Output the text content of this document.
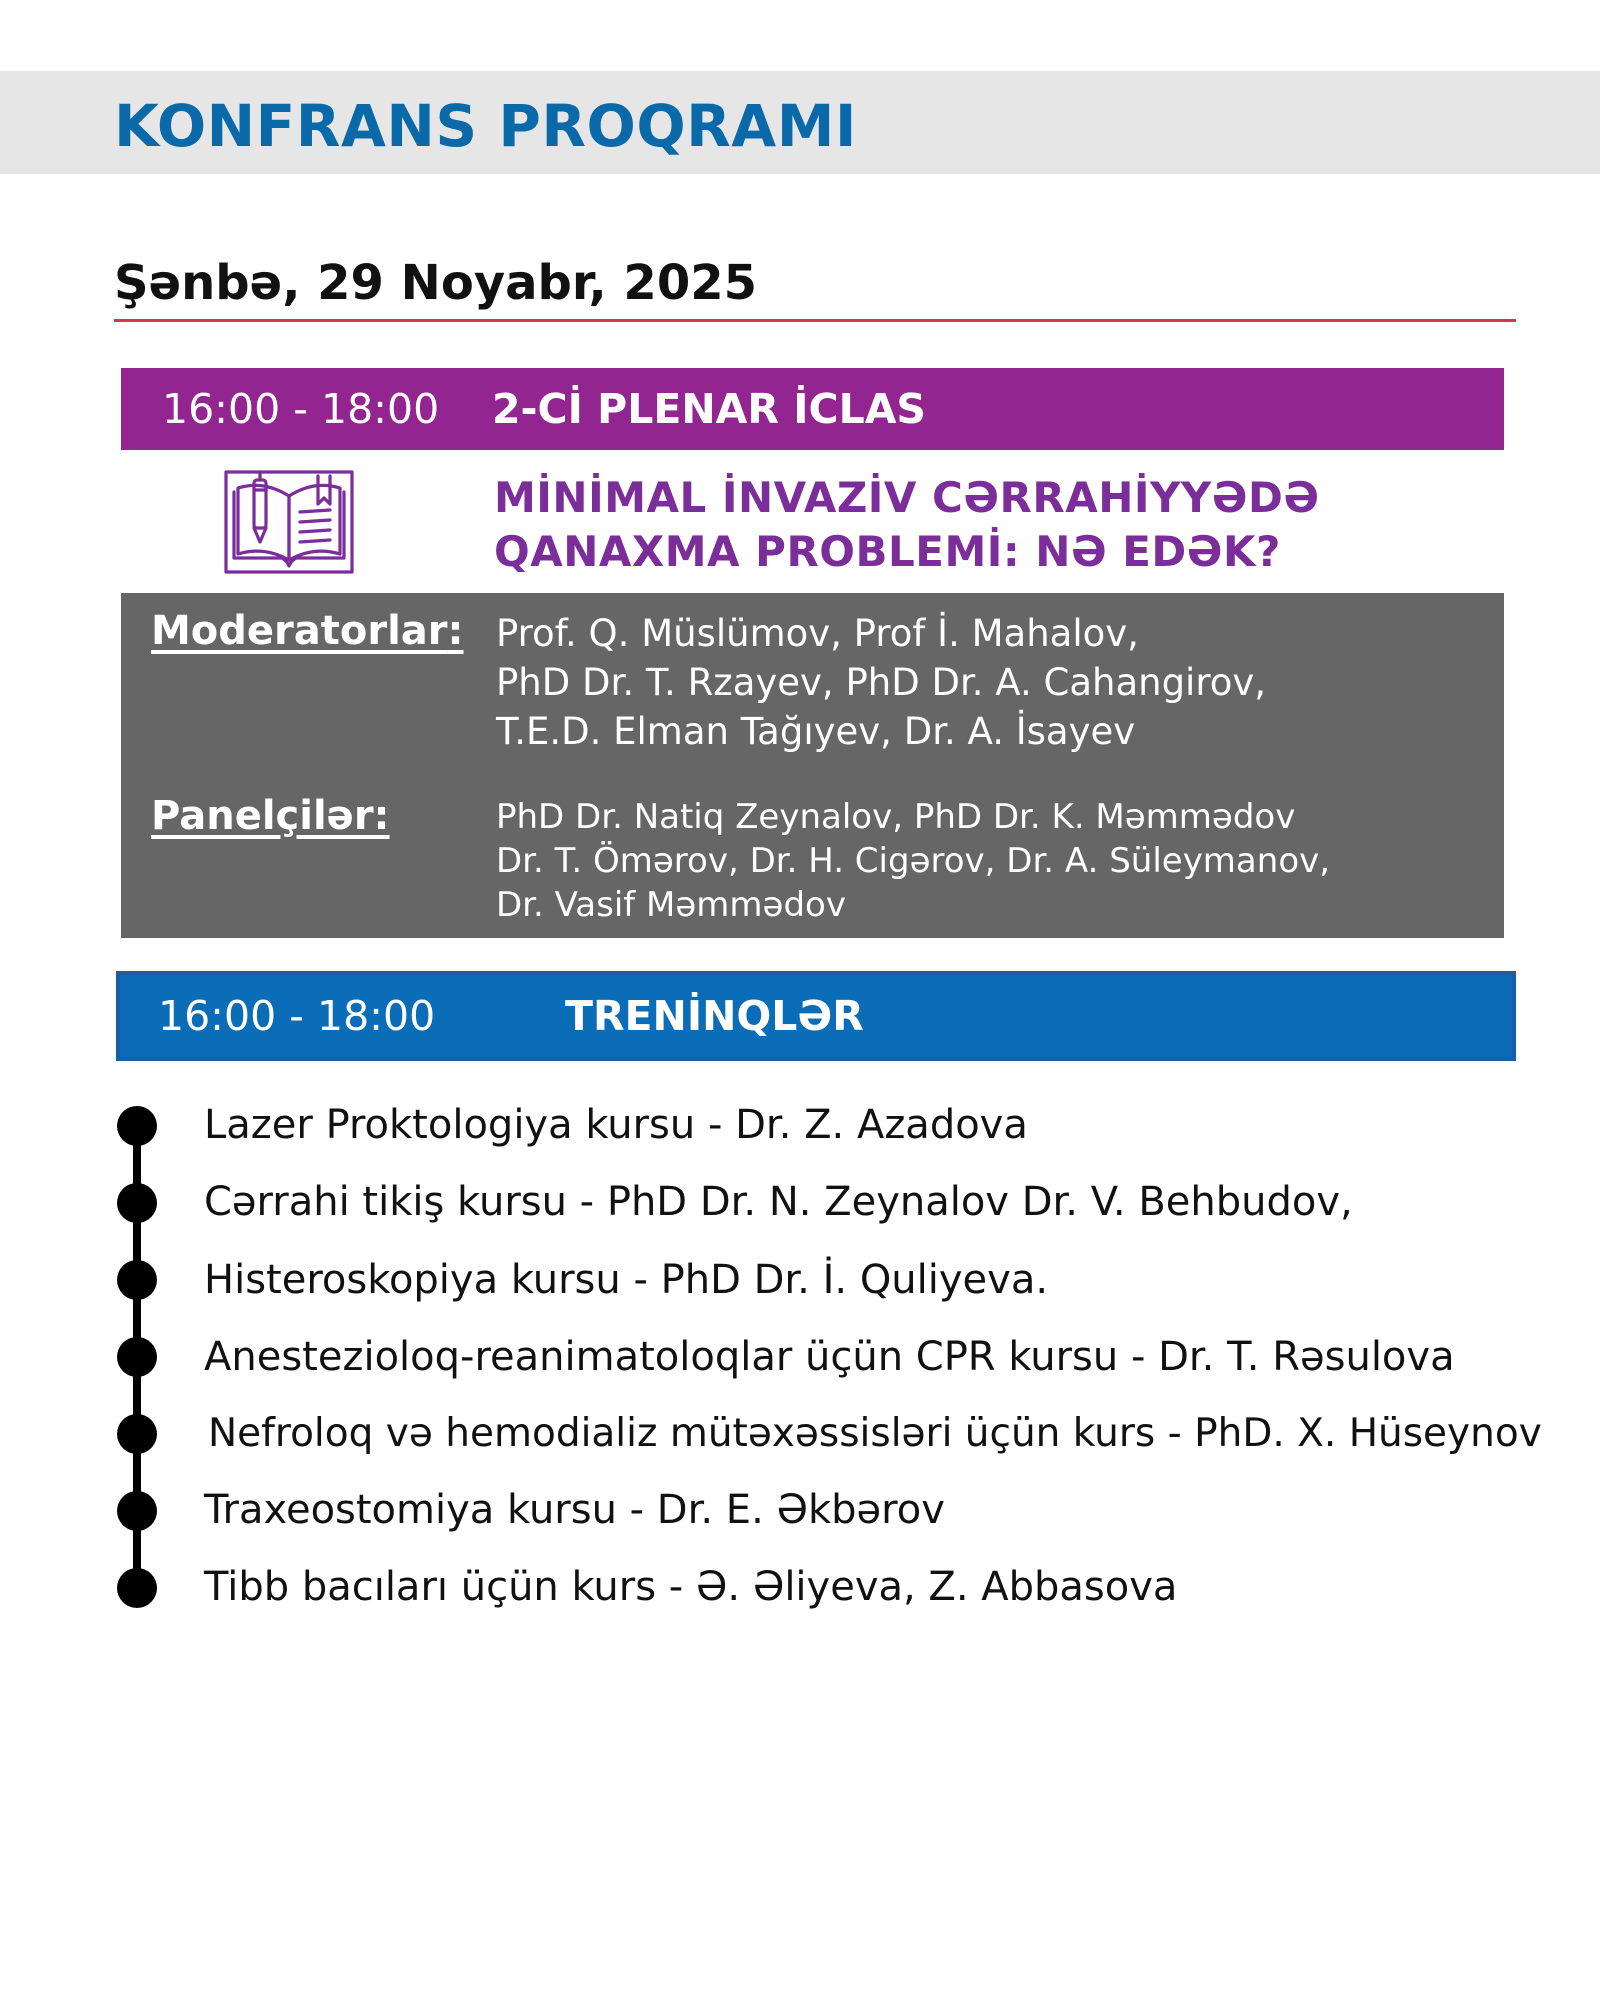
KONFRANS PROQRAMI
Şənbə, 29 Noyabr, 2025
16:00 - 18:00 2-Cİ PLENAR İCLAS
MİNİMAL İNVAZİV CƏRRAHİYYƏDƏ
QANAXMA PROBLEMİ: NƏ EDƏK?
Moderatorlar: Prof. Q. Müslümov, Prof İ. Mahalov,
PhD Dr. T. Rzayev, PhD Dr. A. Cahangirov,
T.E.D. Elman Tağıyev, Dr. A. İsayev
Panelçilər:	PhD Dr. Natiq Zeynalov, PhD Dr. K. Məmmədov
Dr. T. Ömərov, Dr. H. Cigərov, Dr. A. Süleymanov,
Dr. Vasif Məmmədov
16:00 - 18:00	TRENİNQLƏR
Lazer Proktologiya kursu - Dr. Z. Azadova
Cərrahi tikiş kursu - PhD Dr. N. Zeynalov Dr. V. Behbudov,
Histeroskopiya kursu - PhD Dr. İ. Quliyeva.
Anestezioloq-reanimatoloqlar üçün CPR kursu - Dr. T. Rəsulova
Nefroloq və hemodializ mütəxəssisləri üçün kurs - PhD. X. Hüseynov
Traxeostomiya kursu - Dr. E. Əkbərov
Tibb bacıları üçün kurs - Ə. Əliyeva, Z. Abbasova
